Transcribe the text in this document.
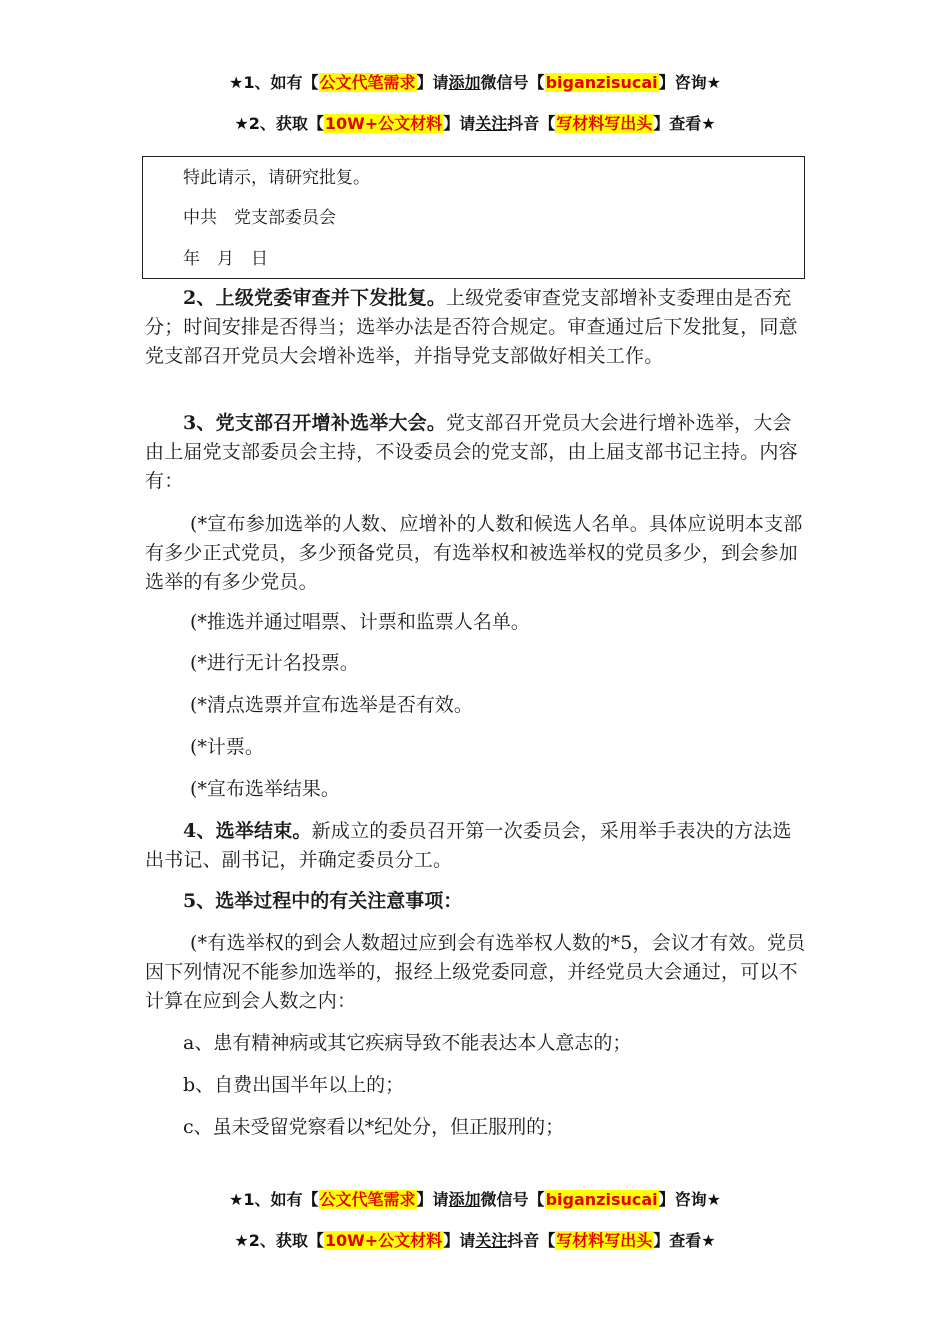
★1、如有【公文代笔需求】请添加微信号【biganzisucai】咨询★
★2、获取【10W+公文材料】请关注抖音【写材料写出头】查看★

特此请示，请研究批复。

中共　党支部委员会

年　月　日

2、上级党委审查并下发批复。上级党委审查党支部增补支委理由是否充分；时间安排是否得当；选举办法是否符合规定。审查通过后下发批复，同意党支部召开党员大会增补选举，并指导党支部做好相关工作。

3、党支部召开增补选举大会。党支部召开党员大会进行增补选举，大会由上届党支部委员会主持，不设委员会的党支部，由上届支部书记主持。内容有：

(*宣布参加选举的人数、应增补的人数和候选人名单。具体应说明本支部有多少正式党员，多少预备党员，有选举权和被选举权的党员多少，到会参加选举的有多少党员。

(*推选并通过唱票、计票和监票人名单。

(*进行无计名投票。

(*清点选票并宣布选举是否有效。

(*计票。

(*宣布选举结果。

4、选举结束。新成立的委员召开第一次委员会，采用举手表决的方法选出书记、副书记，并确定委员分工。

5、选举过程中的有关注意事项：

(*有选举权的到会人数超过应到会有选举权人数的*5，会议才有效。党员因下列情况不能参加选举的，报经上级党委同意，并经党员大会通过，可以不计算在应到会人数之内：

a、患有精神病或其它疾病导致不能表达本人意志的；

b、自费出国半年以上的；

c、虽未受留党察看以*纪处分，但正服刑的；

★1、如有【公文代笔需求】请添加微信号【biganzisucai】咨询★
★2、获取【10W+公文材料】请关注抖音【写材料写出头】查看★
